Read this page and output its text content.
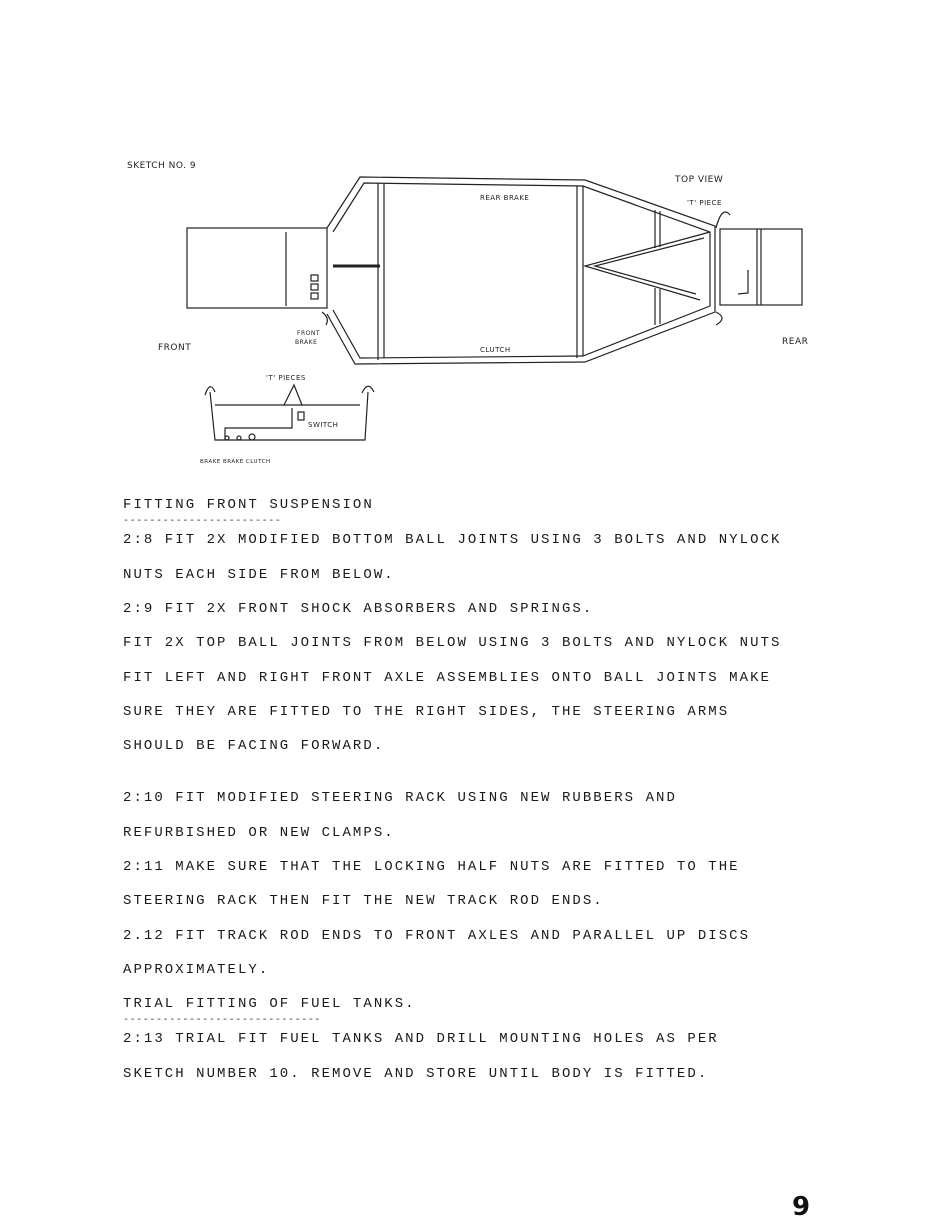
SKETCH NO. 9
TOP VIEW
REAR BRAKE
'T' PIECE
FRONT
REAR
CLUTCH
FRONT
BRAKE
'T' PIECES
SWITCH
BRAKE BRAKE CLUTCH
FITTING FRONT SUSPENSION
------------------------
2:8 FIT 2X MODIFIED BOTTOM BALL JOINTS USING 3 BOLTS AND NYLOCK
NUTS EACH SIDE FROM BELOW.
2:9 FIT 2X FRONT SHOCK ABSORBERS AND SPRINGS.
FIT 2X TOP BALL JOINTS FROM BELOW USING 3 BOLTS AND NYLOCK NUTS
FIT LEFT AND RIGHT FRONT AXLE ASSEMBLIES ONTO BALL JOINTS MAKE
SURE THEY ARE FITTED TO THE RIGHT SIDES, THE STEERING ARMS
SHOULD BE FACING FORWARD.
2:10 FIT MODIFIED STEERING RACK USING NEW RUBBERS AND
REFURBISHED OR NEW CLAMPS.
2:11 MAKE SURE THAT THE LOCKING HALF NUTS ARE FITTED TO THE
STEERING RACK THEN FIT THE NEW TRACK ROD ENDS.
2.12 FIT TRACK ROD ENDS TO FRONT AXLES AND PARALLEL UP DISCS
APPROXIMATELY.
TRIAL FITTING OF FUEL TANKS.
------------------------------
2:13 TRIAL FIT FUEL TANKS AND DRILL MOUNTING HOLES AS PER
SKETCH NUMBER 10. REMOVE AND STORE UNTIL BODY IS FITTED.
9
